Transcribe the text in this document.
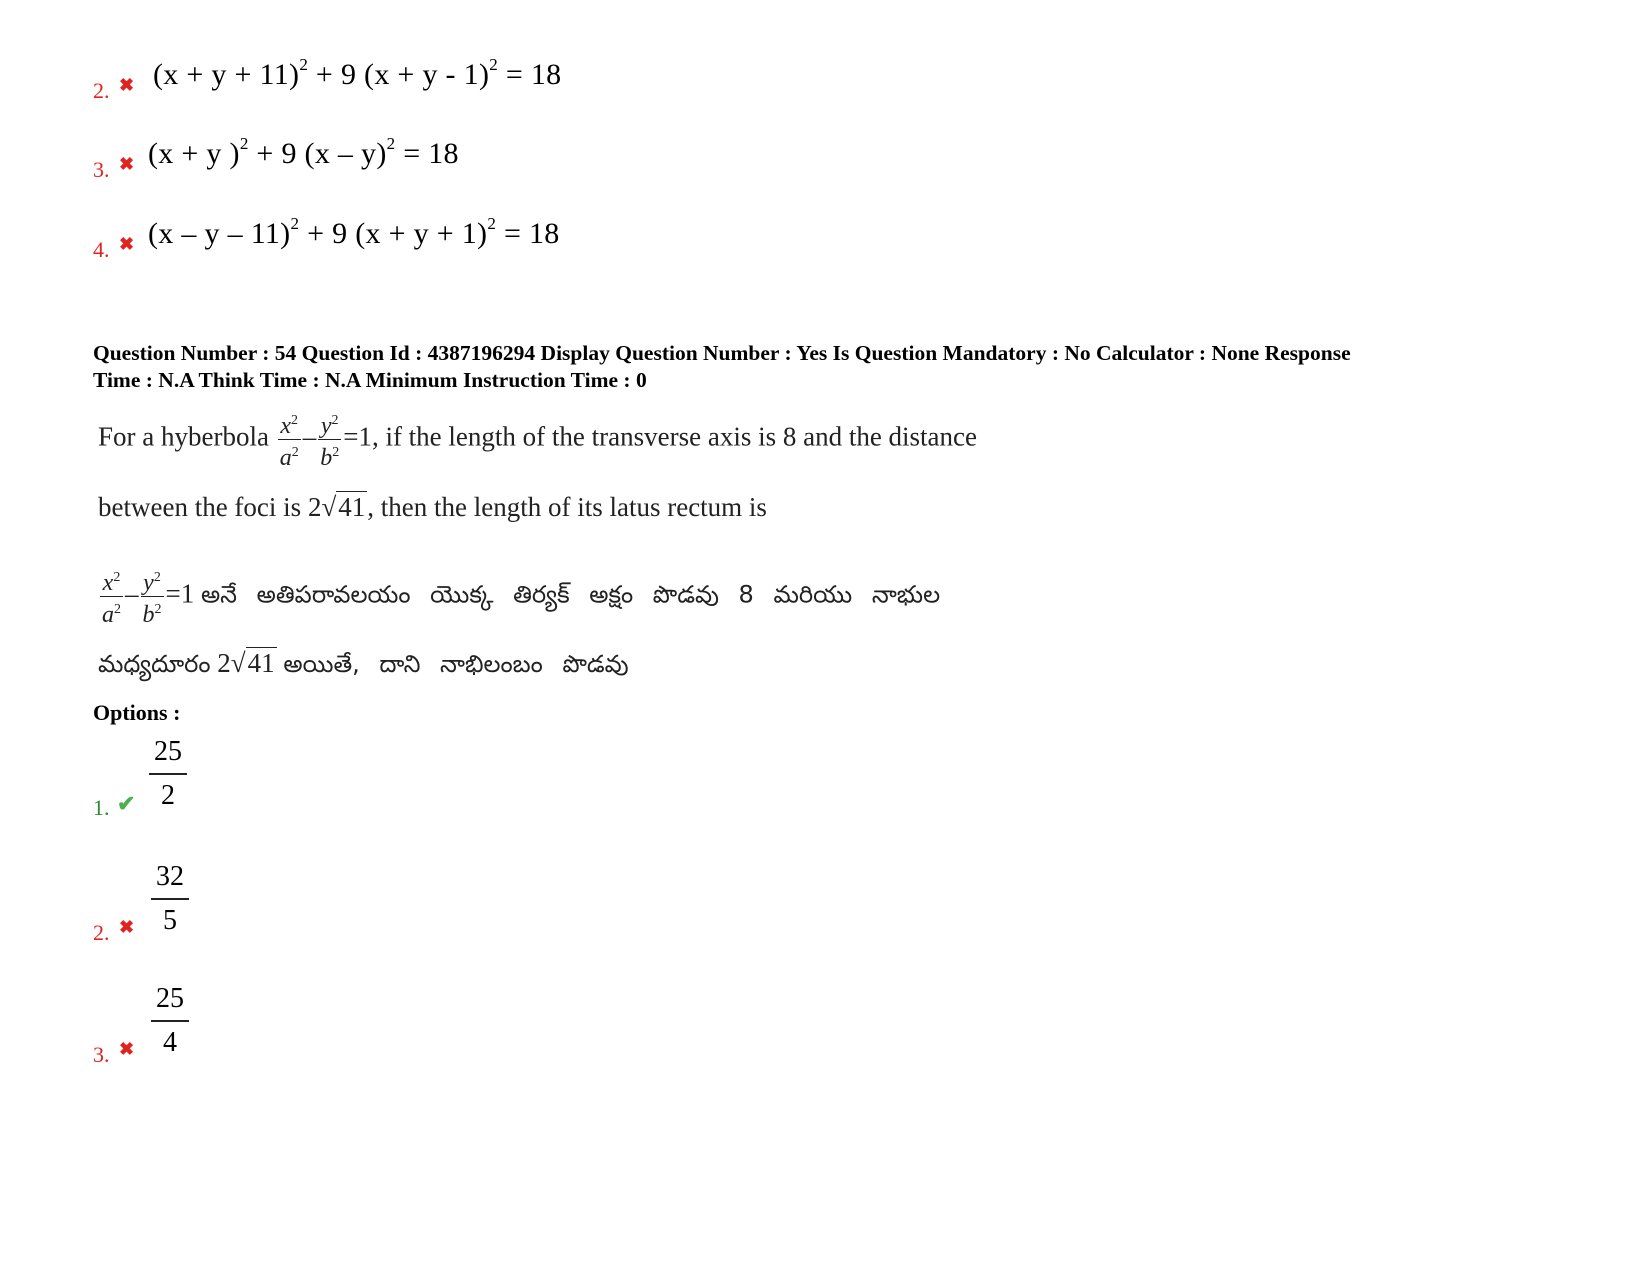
2. ✖ $(x + y + 11)^2 + 9$ $(x + y - 1)^2 = 18$
3. ✖ (x + y )$^2$ + 9 (x – y)$^2$ = 18
4. ✖ (x – y – 11)$^2$ + 9 $(x + y + 1)^2 = 18$
Question Number : 54 Question Id : 4387196294 Display Question Number : Yes Is Question Mandatory : No Calculator : None Response
Time : N.A Think Time : N.A Minimum Instruction Time : 0
For a hyberbola $\frac{x^2}{a^2} - \frac{y^2}{b^2} =1$, if the length of the transverse axis is 8 and the distance
between the foci is 2√41, then the length of its latus rectum is
$\frac{x^2}{a^2} - \frac{y^2}{b^2} =1$ అనే అతిపరావలయం యొక్క తిర్యక్ అక్షం పొడవు 8 మరియు నాభుల
మధ్యదూరం 2√41 అయితే, దాని నాభిలంబం పొడవు
Options :
1. ✔
25
2
2. ✖
32
5
3. ✖
25
4
